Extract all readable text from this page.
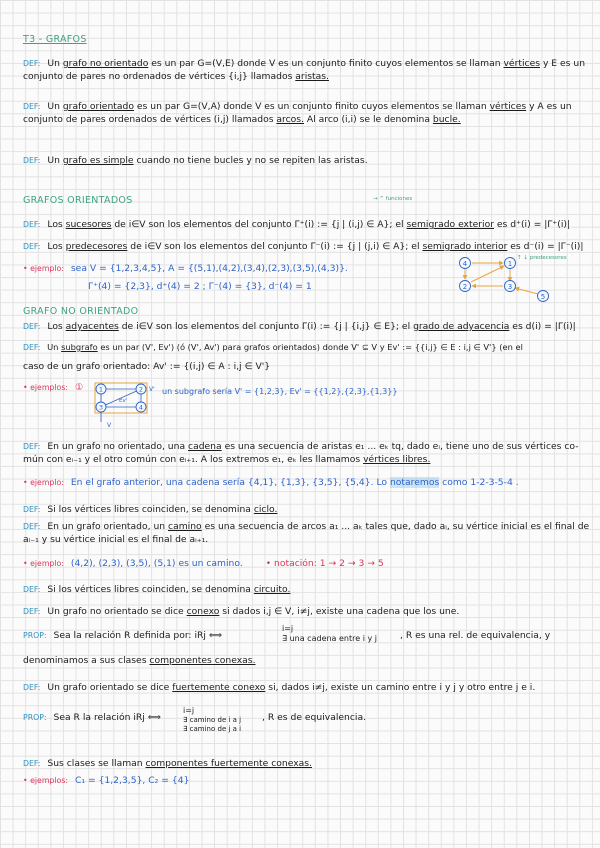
T3 - GRAFOS
DEF: Un grafo no orientado es un par G=(V,E) donde V es un conjunto finito cuyos elementos se llaman vértices y E es un conjunto de pares no ordenados de vértices {i,j} llamados aristas.
DEF: Un grafo orientado es un par G=(V,A) donde V es un conjunto finito cuyos elementos se llaman vértices y A es un conjunto de pares ordenados de vértices (i,j) llamados arcos. Al arco (i,i) se le denomina bucle.
DEF: Un grafo es simple cuando no tiene bucles y no se repiten las aristas.
GRAFOS ORIENTADOS	→ ^ funciones
DEF: Los sucesores de i∈V son los elementos del conjunto Γ⁺(i) := {j | (i,j) ∈ A}; el semigrado exterior es d⁺(i) = |Γ⁺(i)|
DEF: Los predecesores de i∈V son los elementos del conjunto Γ⁻(i) := {j | (j,i) ∈ A}; el semigrado interior es d⁻(i) = |Γ⁻(i)|
↑ ↓ predecesores
• ejemplo: sea V = {1,2,3,4,5}, A = {(5,1),(4,2),(3,4),(2,3),(3,5),(4,3)}.
Γ⁺(4) = {2,3}, d⁺(4) = 2 ; Γ⁻(4) = {3}, d⁻(4) = 1
4	1
2	3
5
GRAFO NO ORIENTADO
DEF: Los adyacentes de i∈V son los elementos del conjunto Γ(i) := {j | {i,j} ∈ E}; el grado de adyacencia es d(i) = |Γ(i)|
DEF: Un subgrafo es un par (V', Ev') (ó (V', Av') para grafos orientados) donde V' ⊆ V y Ev' := {{i,j} ∈ E : i,j ∈ V'} (en el
caso de un grafo orientado: Av' := {(i,j) ∈ A : i,j ∈ V'}
• ejemplos: ①	un subgrafo sería V' = {1,2,3}, Ev' = {{1,2},{2,3},{1,3}}
1	2
3	4
V'
Ev'
V
DEF: En un grafo no orientado, una cadena es una secuencia de aristas e₁ ... eₖ tq, dado eᵢ, tiene uno de sus vértices co- mún con eᵢ₋₁ y el otro común con eᵢ₊₁. A los extremos e₁, eₖ les llamamos vértices libres.
• ejemplo: En el grafo anterior, una cadena sería {4,1}, {1,3}, {3,5}, {5,4}. Lo notaremos como 1-2-3-5-4 .
DEF: Si los vértices libres coinciden, se denomina ciclo.
DEF: En un grafo orientado, un camino es una secuencia de arcos a₁ ... aₖ tales que, dado aᵢ, su vértice inicial es el final de aᵢ₋₁ y su vértice inicial es el final de aᵢ₊₁.
• ejemplo: (4,2), (2,3), (3,5), (5,1) es un camino. • notación: 1 → 2 → 3 → 5
DEF: Si los vértices libres coinciden, se denomina circuito.
DEF: Un grafo no orientado se dice conexo si dados i,j ∈ V, i≠j, existe una cadena que los une.
PROP: Sea la relación R definida por: iRj ⟺
i=j
∃ una cadena entre i y j	, R es una rel. de equivalencia, y
denominamos a sus clases componentes conexas.
DEF: Un grafo orientado se dice fuertemente conexo si, dados i≠j, existe un camino entre i y j y otro entre j e i.
PROP: Sea R la relación iRj ⟺
i=j
∃ camino de i a j
∃ camino de j a i
, R es de equivalencia.
DEF: Sus clases se llaman componentes fuertemente conexas.
• ejemplos: C₁ = {1,2,3,5}, C₂ = {4}
